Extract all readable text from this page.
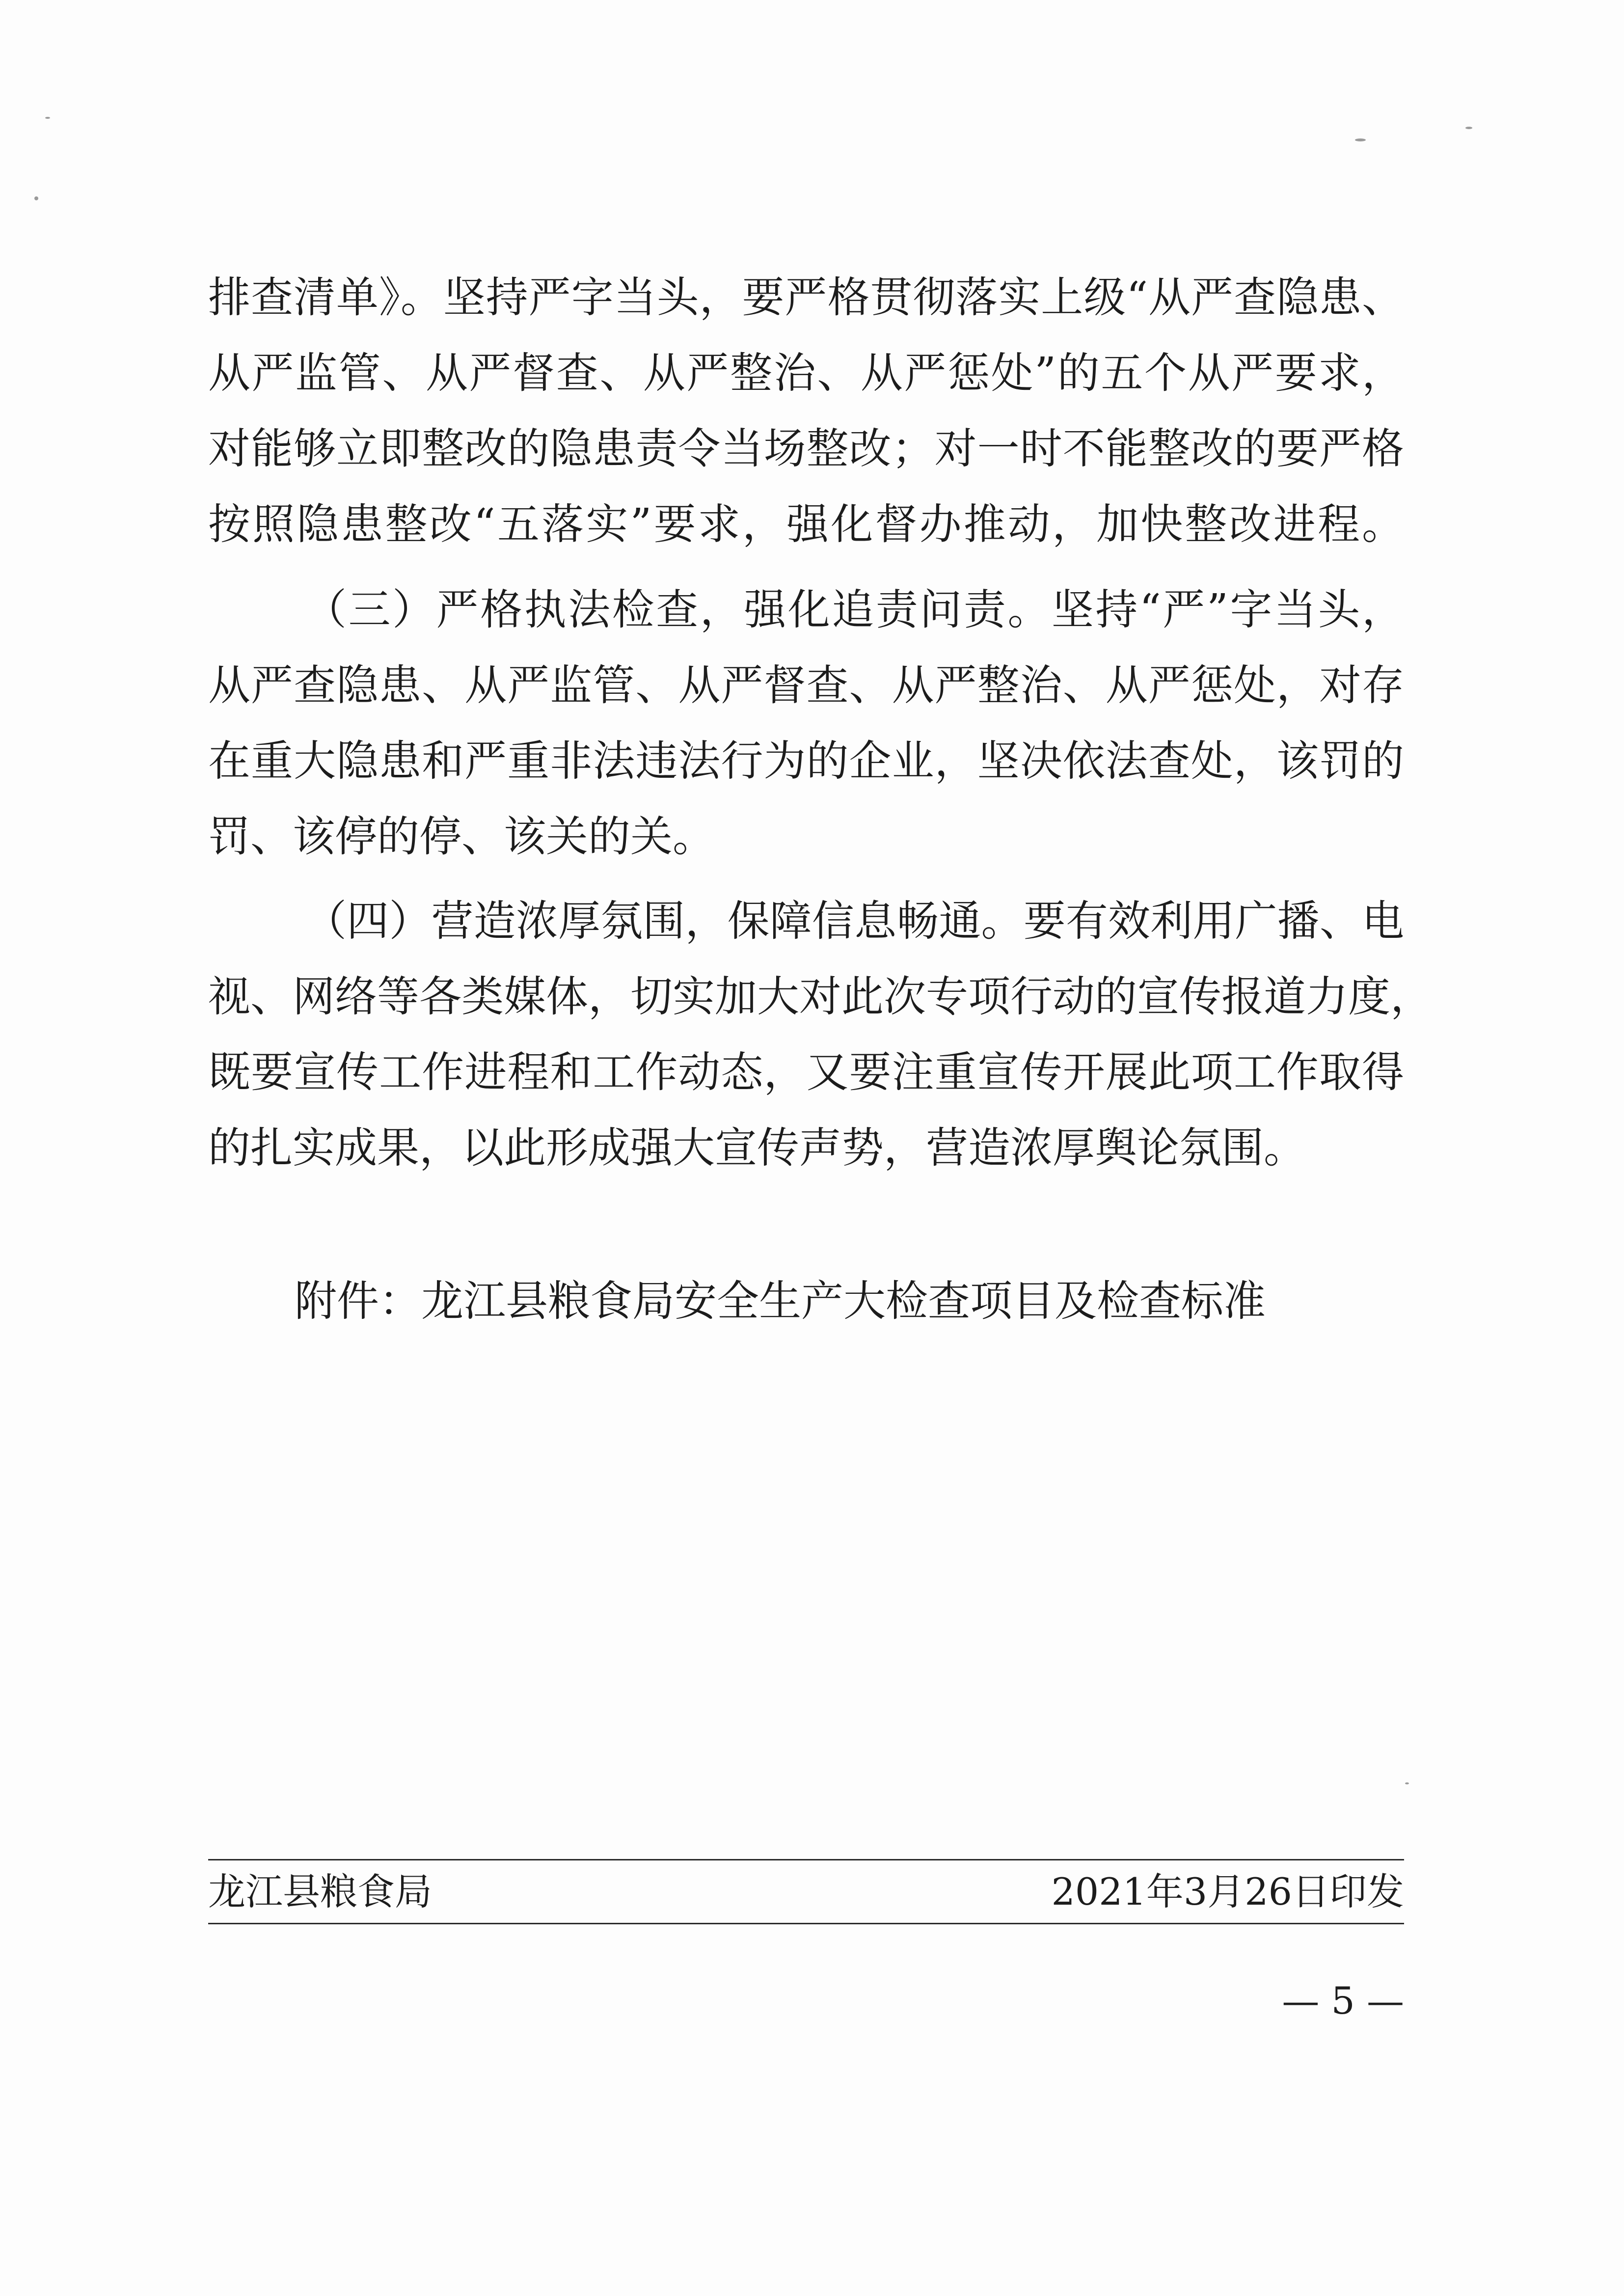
排查清单》。坚持严字当头，要严格贯彻落实上级“从严查隐患、
从严监管、从严督查、从严整治、从严惩处”的五个从严要求，
对能够立即整改的隐患责令当场整改；对一时不能整改的要严格
按照隐患整改“五落实”要求，强化督办推动，加快整改进程。
（三）严格执法检查，强化追责问责。坚持“严”字当头，
从严查隐患、从严监管、从严督查、从严整治、从严惩处，对存
在重大隐患和严重非法违法行为的企业，坚决依法查处，该罚的
罚、该停的停、该关的关。
（四）营造浓厚氛围，保障信息畅通。要有效利用广播、电
视、网络等各类媒体，切实加大对此次专项行动的宣传报道力度，
既要宣传工作进程和工作动态，又要注重宣传开展此项工作取得
的扎实成果，以此形成强大宣传声势，营造浓厚舆论氛围。
附件：龙江县粮食局安全生产大检查项目及检查标准
龙江县粮食局	2021年3月26日印发
— 5 —
